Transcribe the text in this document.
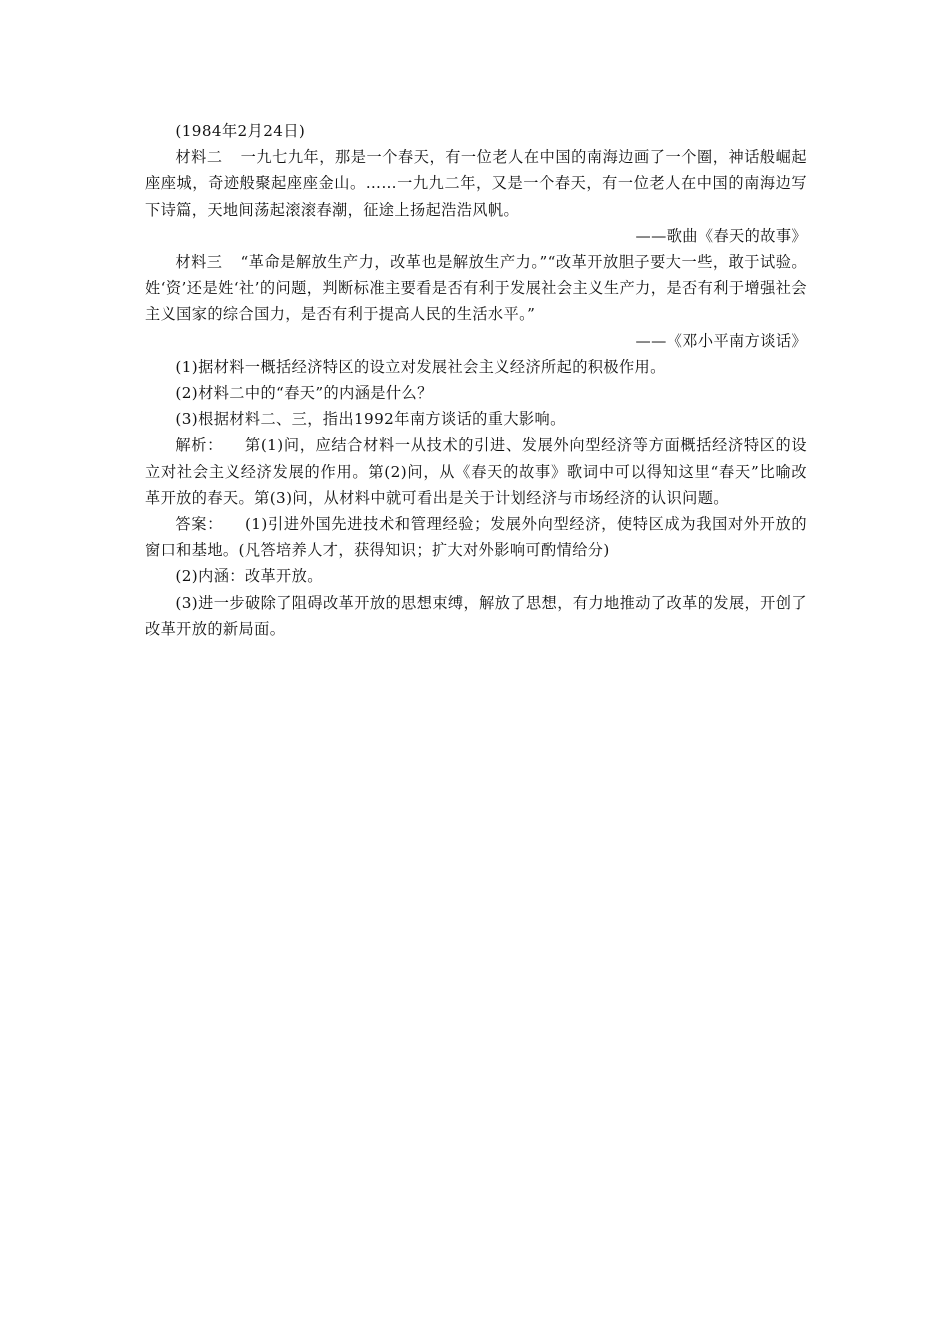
(1984年2月24日)

材料二 一九七九年，那是一个春天，有一位老人在中国的南海边画了一个圈，神话般崛起座座城，奇迹般聚起座座金山。……一九九二年，又是一个春天，有一位老人在中国的南海边写下诗篇，天地间荡起滚滚春潮，征途上扬起浩浩风帆。

——歌曲《春天的故事》

材料三 “革命是解放生产力，改革也是解放生产力。”“改革开放胆子要大一些，敢于试验。姓‘资’还是姓‘社’的问题，判断标准主要看是否有利于发展社会主义生产力，是否有利于增强社会主义国家的综合国力，是否有利于提高人民的生活水平。”

——《邓小平南方谈话》

(1)据材料一概括经济特区的设立对发展社会主义经济所起的积极作用。

(2)材料二中的“春天”的内涵是什么？

(3)根据材料二、三，指出1992年南方谈话的重大影响。

解析： 第(1)问，应结合材料一从技术的引进、发展外向型经济等方面概括经济特区的设立对社会主义经济发展的作用。第(2)问，从《春天的故事》歌词中可以得知这里“春天”比喻改革开放的春天。第(3)问，从材料中就可看出是关于计划经济与市场经济的认识问题。

答案： (1)引进外国先进技术和管理经验；发展外向型经济，使特区成为我国对外开放的窗口和基地。(凡答培养人才，获得知识；扩大对外影响可酌情给分)

(2)内涵：改革开放。

(3)进一步破除了阻碍改革开放的思想束缚，解放了思想，有力地推动了改革的发展，开创了改革开放的新局面。
